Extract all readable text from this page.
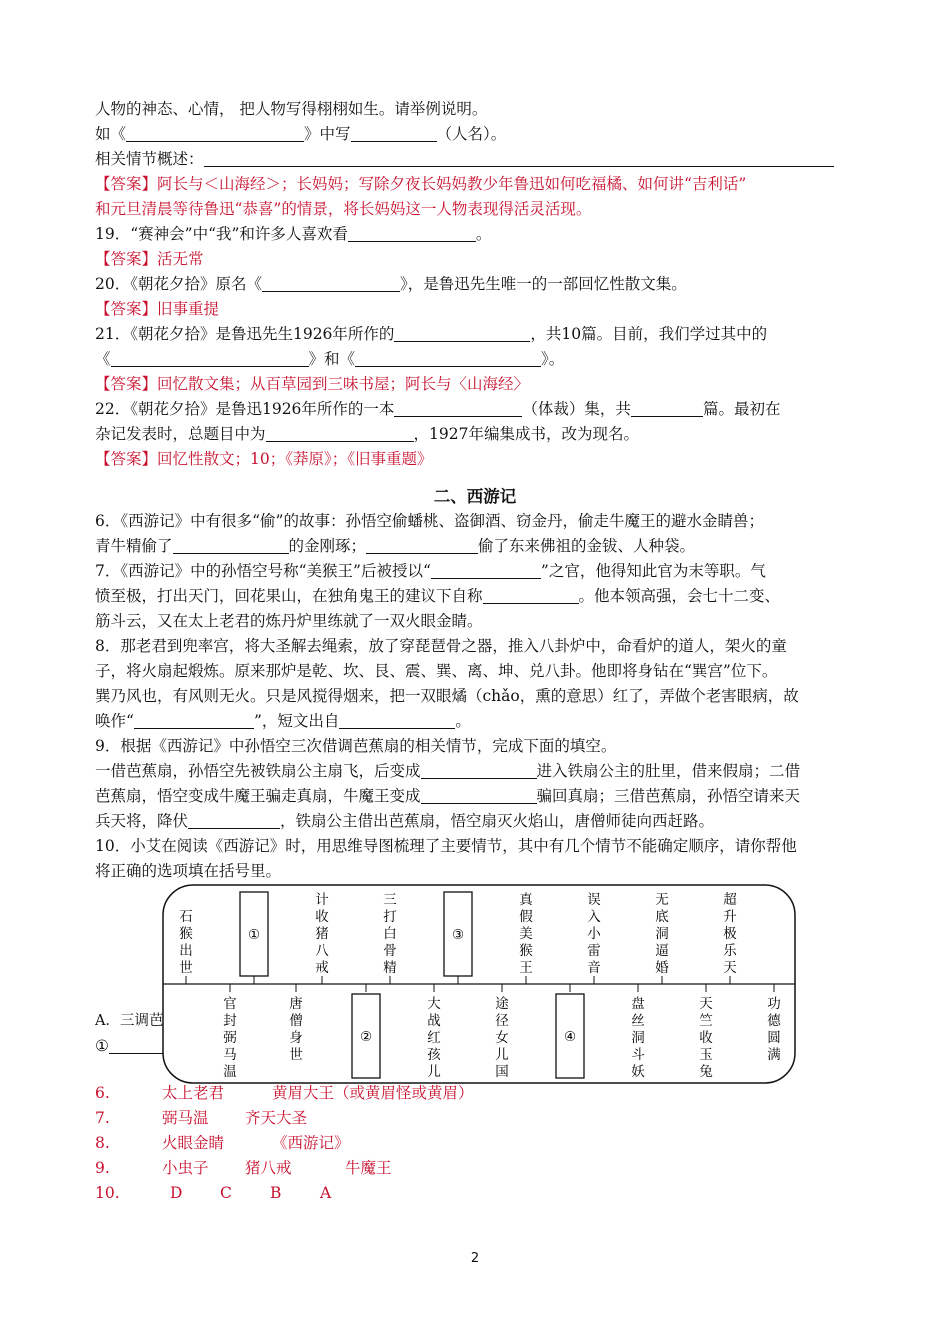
人物的神态、心情， 把人物写得栩栩如生。请举例说明。
如《	》中写	（人名）。
相关情节概述：
【答案】阿长与＜山海经＞；长妈妈；写除夕夜长妈妈教少年鲁迅如何吃福橘、如何讲“吉利话”
和元旦清晨等待鲁迅“恭喜”的情景，将长妈妈这一人物表现得活灵活现。
19．“赛神会”中“我”和许多人喜欢看	。
【答案】活无常
20．《朝花夕拾》原名《	》，是鲁迅先生唯一的一部回忆性散文集。
【答案】旧事重提
21．《朝花夕拾》是鲁迅先生1926年所作的	，共10篇。目前，我们学过其中的
《	》和《	》。
【答案】回忆散文集；从百草园到三味书屋；阿长与〈山海经〉
22．《朝花夕拾》是鲁迅1926年所作的一本	（体裁）集，共	篇。最初在
杂记发表时，总题目中为	，1927年编集成书，改为现名。
【答案】回忆性散文；10；《莽原》；《旧事重题》
二、西游记
6．《西游记》中有很多“偷”的故事：孙悟空偷蟠桃、盗御酒、窃金丹，偷走牛魔王的避水金睛兽；
青牛精偷了	的金刚琢；	偷了东来佛祖的金钹、人种袋。
7．《西游记》中的孙悟空号称“美猴王”后被授以“	”之官，他得知此官为末等职。气
愤至极，打出天门，回花果山，在独角鬼王的建议下自称	。他本领高强，会七十二变、
筋斗云，又在太上老君的炼丹炉里练就了一双火眼金睛。
8．那老君到兜率宫，将大圣解去绳索，放了穿琵琶骨之器，推入八卦炉中，命看炉的道人，架火的童
子，将火扇起煅炼。原来那炉是乾、坎、艮、震、巽、离、坤、兑八卦。他即将身钻在“巽宫”位下。
巽乃风也，有风则无火。只是风搅得烟来，把一双眼燏（chǎo，熏的意思）红了，弄做个老害眼病，故
唤作“	”，短文出自	。
9．根据《西游记》中孙悟空三次借调芭蕉扇的相关情节，完成下面的填空。
一借芭蕉扇，孙悟空先被铁扇公主扇飞，后变成	进入铁扇公主的肚里，借来假扇；二借
芭蕉扇，悟空变成牛魔王骗走真扇，牛魔王变成	骗回真扇；三借芭蕉扇，孙悟空请来天
兵天将，降伏	，铁扇公主借出芭蕉扇，悟空扇灭火焰山，唐僧师徒向西赶路。
10．小艾在阅读《西游记》时，用思维导图梳理了主要情节，其中有几个情节不能确定顺序，请你帮他
将正确的选项填在括号里。
A．三调芭
①
石
猴
出
世
①
计
收
猪
八
戒
三
打
白
骨
精
③
真
假
美
猴
王
误
入
小
雷
音
无
底
洞
逼
婚
超
升
极
乐
天
官
封
弼
马
温
唐
僧
身
世
②
大
战
红
孩
儿
途
径
女
儿
国
④
盘
丝
洞
斗
妖
天
竺
收
玉
兔
功
德
圆
满
6.	太上老君	黄眉大王（或黄眉怪或黄眉）
7.	弼马温 齐天大圣
8.	火眼金睛	《西游记》
9.	小虫子 猪八戒	牛魔王
10.	D C B A
2
